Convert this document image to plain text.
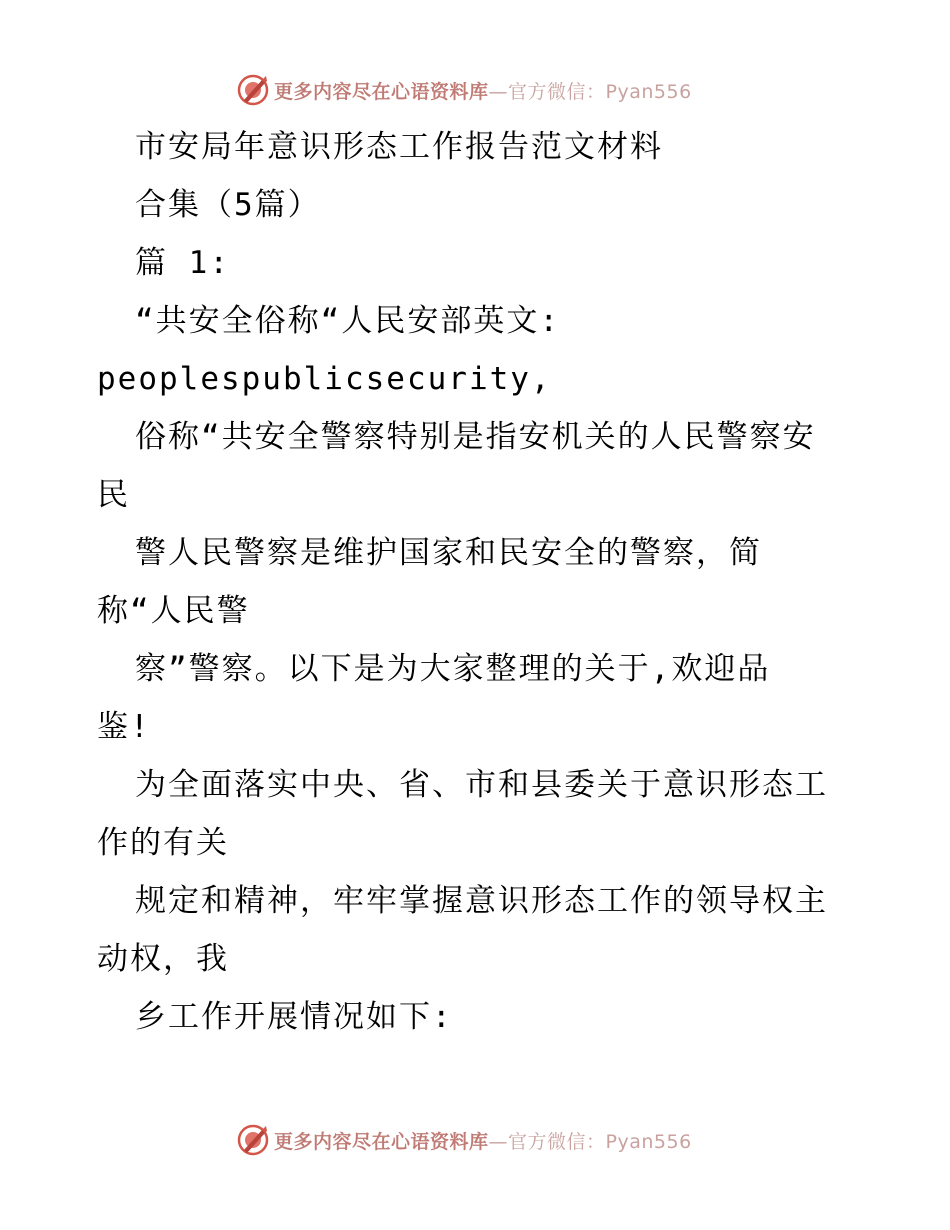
更多内容尽在心语资料库—官方微信：Pyan556
市安局年意识形态工作报告范文材料
合集（5篇）
篇 1:
“共安全俗称“人民安部英文:
peoplespublicsecurity,
俗称“共安全警察特别是指安机关的人民警察安
民
警人民警察是维护国家和民安全的警察，简
称“人民警
察”警察。以下是为大家整理的关于,欢迎品
鉴!
为全面落实中央、省、市和县委关于意识形态工
作的有关
规定和精神，牢牢掌握意识形态工作的领导权主
动权，我
乡工作开展情况如下:
更多内容尽在心语资料库—官方微信：Pyan556
